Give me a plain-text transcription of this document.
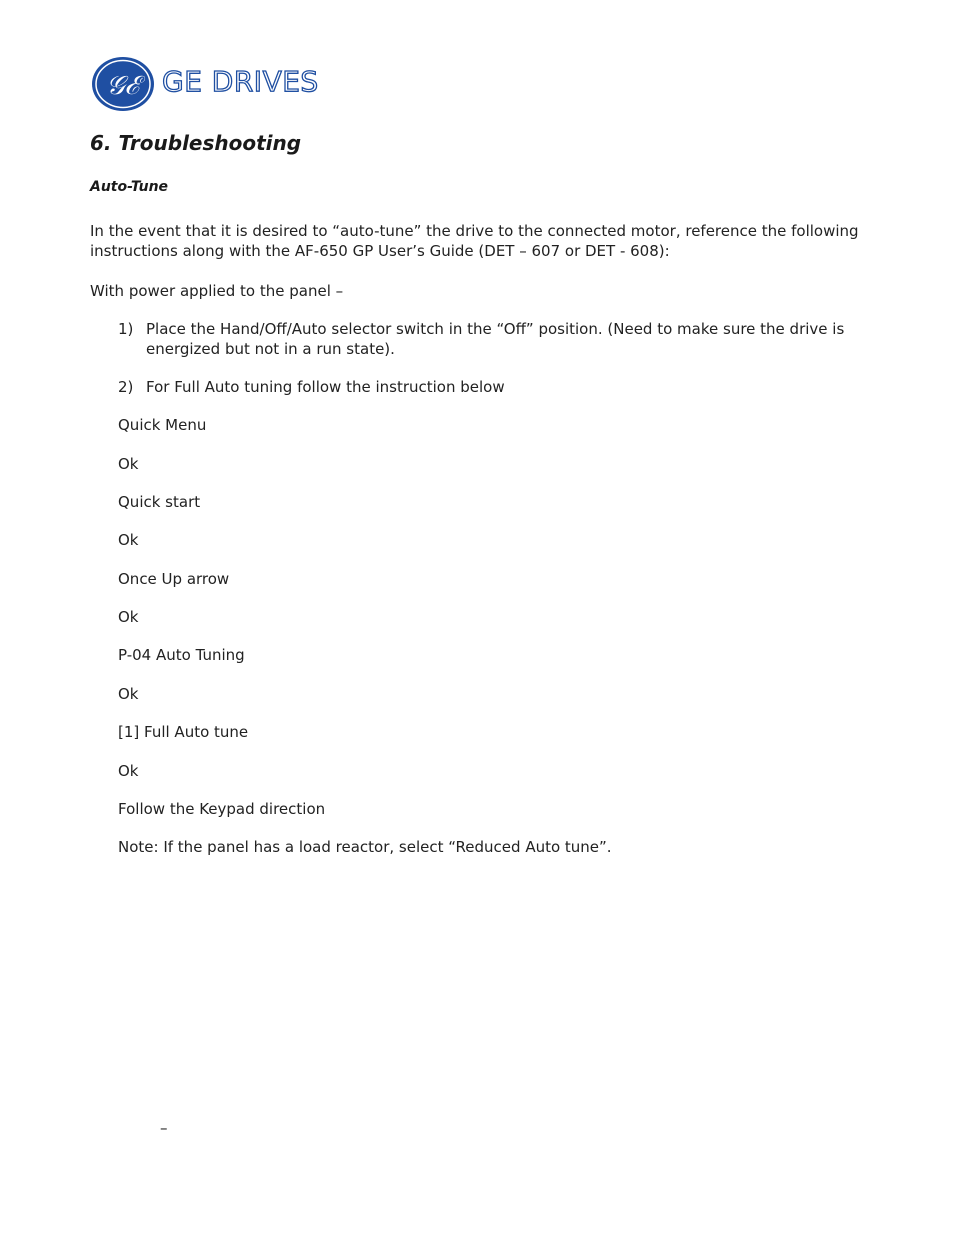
𝒢ℰ GE DRIVES
6. Troubleshooting
Auto-Tune

In the event that it is desired to “auto-tune” the drive to the connected motor, reference the following instructions along with the AF-650 GP User’s Guide (DET – 607 or DET - 608):

With power applied to the panel –

1) Place the Hand/Off/Auto selector switch in the “Off” position. (Need to make sure the drive is energized but not in a run state).
2) For Full Auto tuning follow the instruction below

Quick Menu

Ok

Quick start

Ok

Once Up arrow

Ok

P-04 Auto Tuning

Ok

[1] Full Auto tune

Ok

Follow the Keypad direction

Note: If the panel has a load reactor, select “Reduced Auto tune”.

–
